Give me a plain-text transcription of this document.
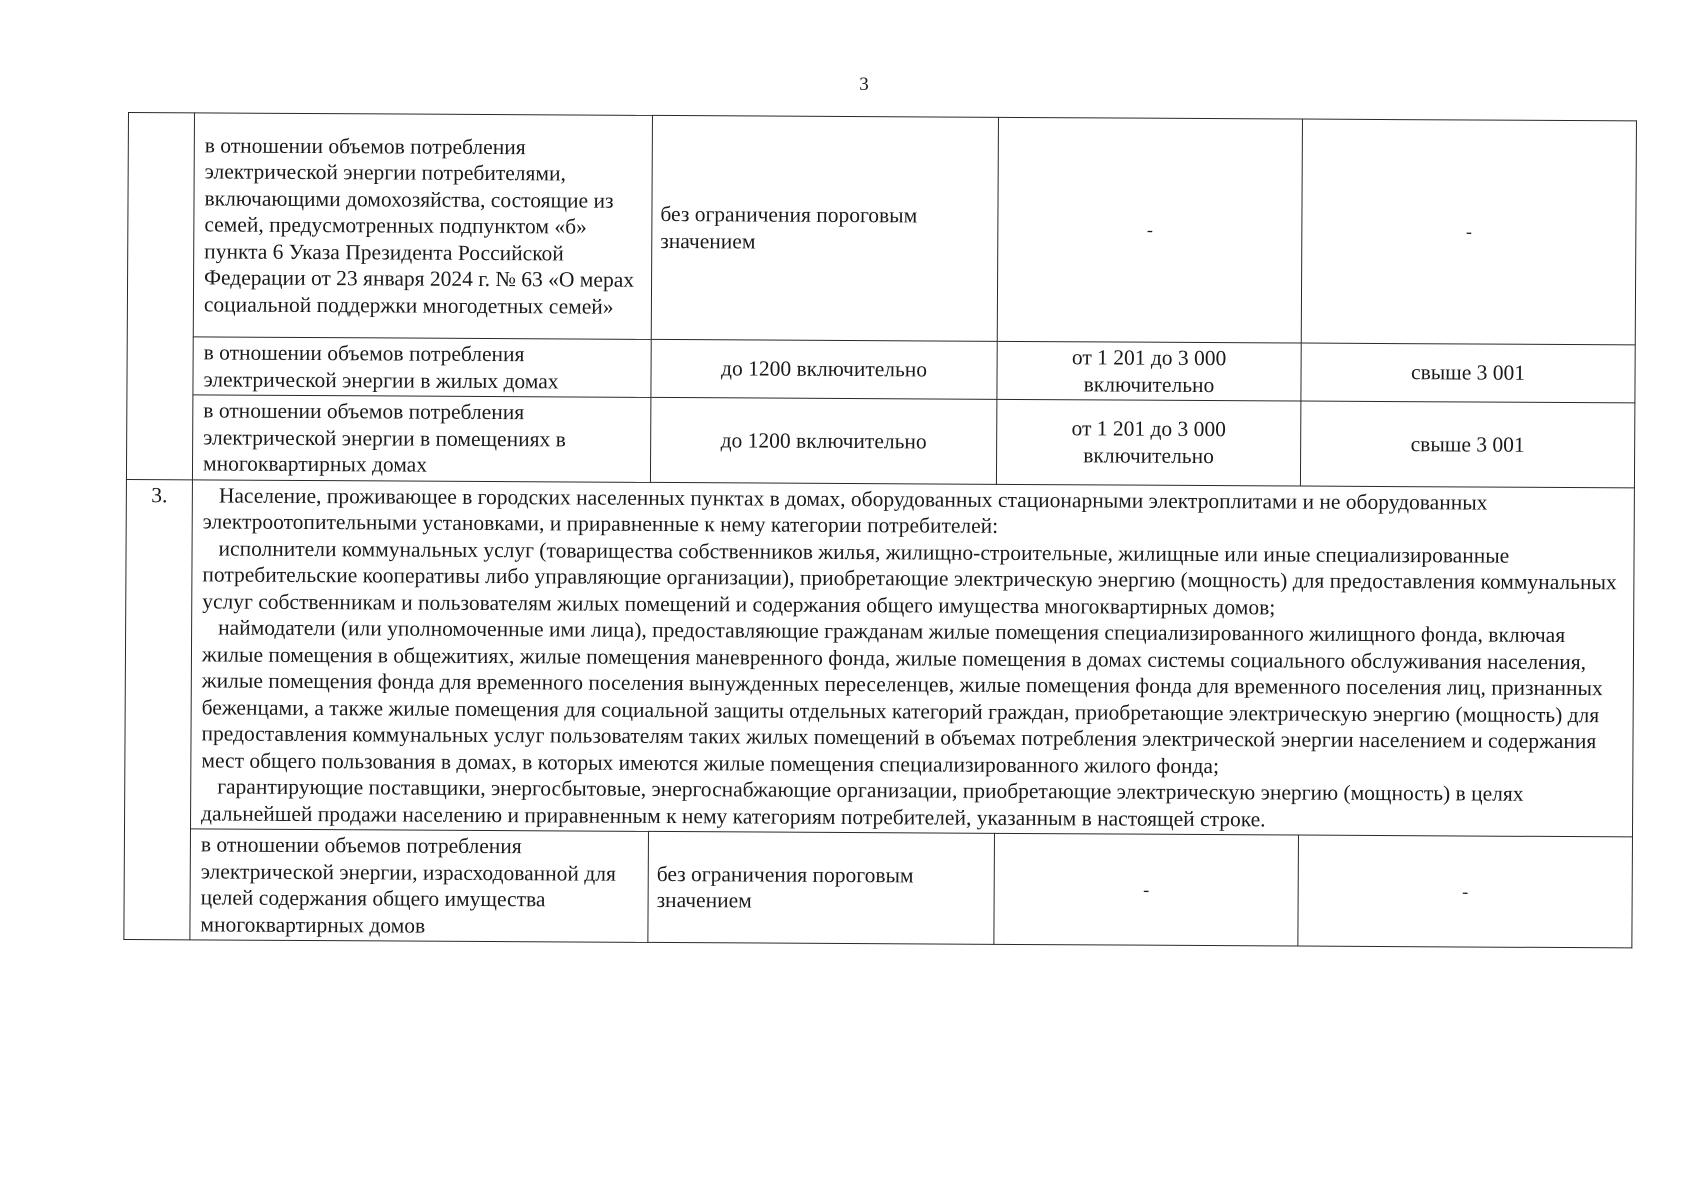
3
	в отношении объемов потребления электрической энергии потребителями, включающими домохозяйства, состоящие из семей, предусмотренных подпунктом «б» пункта 6 Указа Президента Российской Федерации от 23 января 2024 г. № 63 «О мерах социальной поддержки многодетных семей»	без ограничения пороговым значением	-	-
	в отношении объемов потребления электрической энергии в жилых домах	до 1200 включительно	от 1 201 до 3 000 включительно	свыше 3 001
	в отношении объемов потребления электрической энергии в помещениях в многоквартирных домах	до 1200 включительно	от 1 201 до 3 000 включительно	свыше 3 001
3.	Население, проживающее в городских населенных пунктах в домах, оборудованных стационарными электроплитами и не оборудованных электроотопительными установками, и приравненные к нему категории потребителей:

исполнители коммунальных услуг (товарищества собственников жилья, жилищно-строительные, жилищные или иные специализированные потребительские кооперативы либо управляющие организации), приобретающие электрическую энергию (мощность) для предоставления коммунальных услуг собственникам и пользователям жилых помещений и содержания общего имущества многоквартирных домов;

наймодатели (или уполномоченные ими лица), предоставляющие гражданам жилые помещения специализированного жилищного фонда, включая жилые помещения в общежитиях, жилые помещения маневренного фонда, жилые помещения в домах системы социального обслуживания населения, жилые помещения фонда для временного поселения вынужденных переселенцев, жилые помещения фонда для временного поселения лиц, признанных беженцами, а также жилые помещения для социальной защиты отдельных категорий граждан, приобретающие электрическую энергию (мощность) для предоставления коммунальных услуг пользователям таких жилых помещений в объемах потребления электрической энергии населением и содержания мест общего пользования в домах, в которых имеются жилые помещения специализированного жилого фонда;

гарантирующие поставщики, энергосбытовые, энергоснабжающие организации, приобретающие электрическую энергию (мощность) в целях дальнейшей продажи населению и приравненным к нему категориям потребителей, указанным в настоящей строке.			

	в отношении объемов потребления электрической энергии, израсходованной для целей содержания общего имущества многоквартирных домов	без ограничения пороговым значением	-	-
